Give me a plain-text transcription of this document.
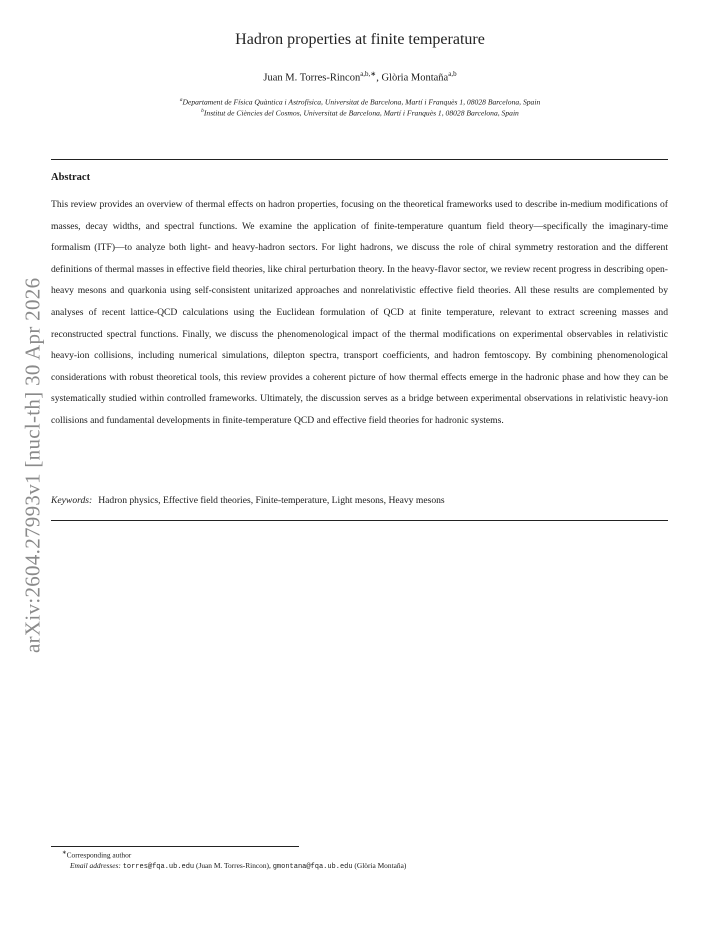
arXiv:2604.27993v1 [nucl-th] 30 Apr 2026
Hadron properties at finite temperature
Juan M. Torres-Rincon$^{a,b,∗}$, Glòria Montaña$^{a,b}$
$^a$Departament de Física Quàntica i Astrofísica, Universitat de Barcelona, Martí i Franquès 1, 08028 Barcelona, Spain
$^b$Institut de Ciències del Cosmos, Universitat de Barcelona, Martí i Franquès 1, 08028 Barcelona, Spain
Abstract
This review provides an overview of thermal effects on hadron properties, focusing on the theoretical frameworks used to describe in-medium modifications of masses, decay widths, and spectral functions. We examine the application of finite-temperature quantum field theory—specifically the imaginary-time formalism (ITF)—to analyze both light- and heavy-hadron sectors. For light hadrons, we discuss the role of chiral symmetry restoration and the different definitions of thermal masses in effective field theories, like chiral perturbation theory. In the heavy-flavor sector, we review recent progress in describing open-heavy mesons and quarkonia using self-consistent unitarized approaches and nonrelativistic effective field theories. All these results are complemented by analyses of recent lattice-QCD calculations using the Euclidean formulation of QCD at finite temperature, relevant to extract screening masses and reconstructed spectral functions. Finally, we discuss the phenomenological impact of the thermal modifications on experimental observables in relativistic heavy-ion collisions, including numerical simulations, dilepton spectra, transport coefficients, and hadron femtoscopy. By combining phenomenological considerations with robust theoretical tools, this review provides a coherent picture of how thermal effects emerge in the hadronic phase and how they can be systematically studied within controlled frameworks. Ultimately, the discussion serves as a bridge between experimental observations in relativistic heavy-ion collisions and fundamental developments in finite-temperature QCD and effective field theories for hadronic systems.
Keywords: Hadron physics, Effective field theories, Finite-temperature, Light mesons, Heavy mesons
∗Corresponding author
Email addresses: torres@fqa.ub.edu (Juan M. Torres-Rincon), gmontana@fqa.ub.edu (Glòria Montaña)
